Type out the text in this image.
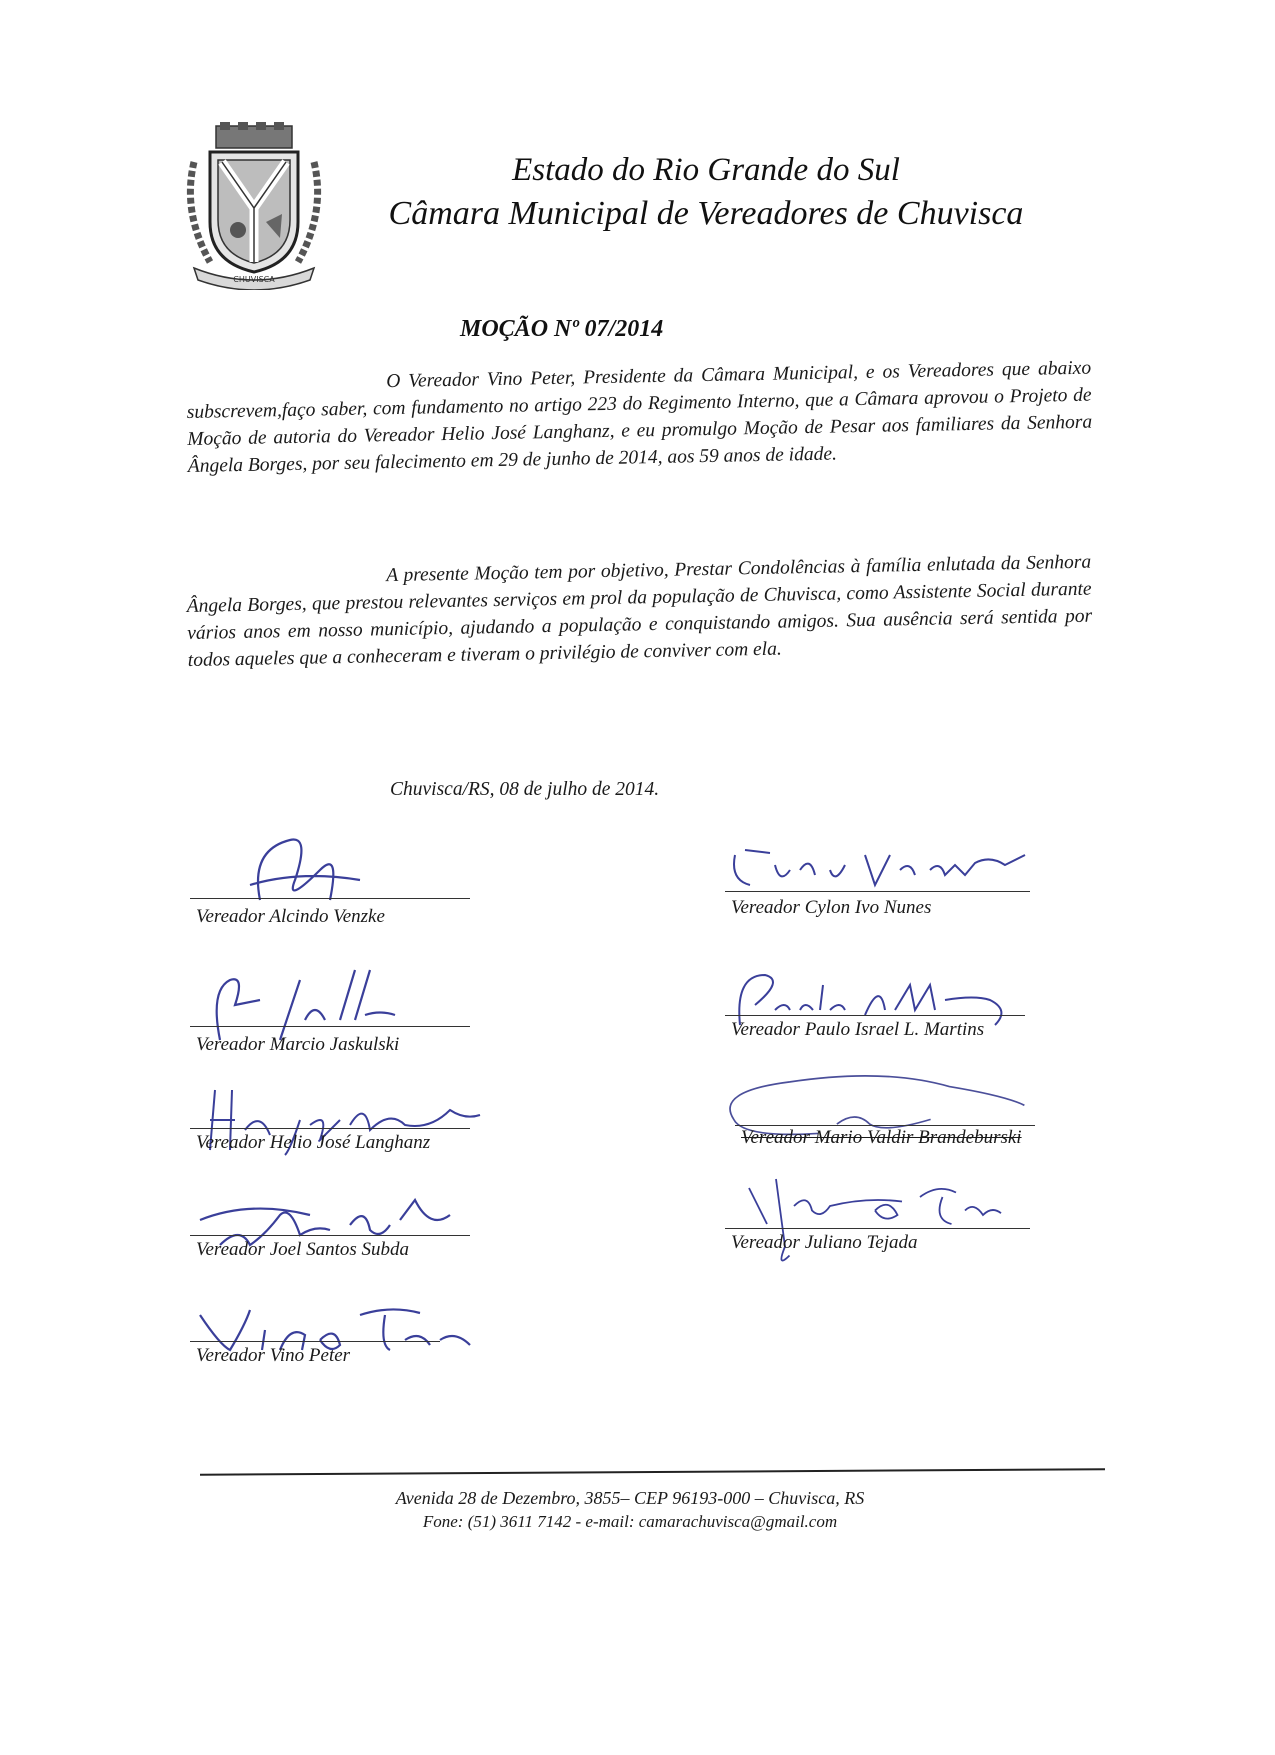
CHUVISCA
Estado do Rio Grande do Sul
Câmara Municipal de Vereadores de Chuvisca
MOÇÃO Nº 07/2014
O Vereador Vino Peter, Presidente da Câmara Municipal, e os Vereadores que abaixo subscrevem,faço saber, com fundamento no artigo 223 do Regimento Interno, que a Câmara aprovou o Projeto de Moção de autoria do Vereador Helio José Langhanz, e eu promulgo Moção de Pesar aos familiares da Senhora Ângela Borges, por seu falecimento em 29 de junho de 2014, aos 59 anos de idade.
A presente Moção tem por objetivo, Prestar Condolências à família enlutada da Senhora Ângela Borges, que prestou relevantes serviços em prol da população de Chuvisca, como Assistente Social durante vários anos em nosso município, ajudando a população e conquistando amigos. Sua ausência será sentida por todos aqueles que a conheceram e tiveram o privilégio de conviver com ela.
Chuvisca/RS, 08 de julho de 2014.
Vereador Alcindo Venzke
Vereador Marcio Jaskulski
Vereador Helio José Langhanz
Vereador Joel Santos Subda
Vereador Vino Peter
Vereador Cylon Ivo Nunes
Vereador Paulo Israel L. Martins
Vereador Mario Valdir Brandeburski
Vereador Juliano Tejada
Avenida 28 de Dezembro, 3855– CEP 96193-000 – Chuvisca, RS
Fone: (51) 3611 7142 - e-mail: camarachuvisca@gmail.com
